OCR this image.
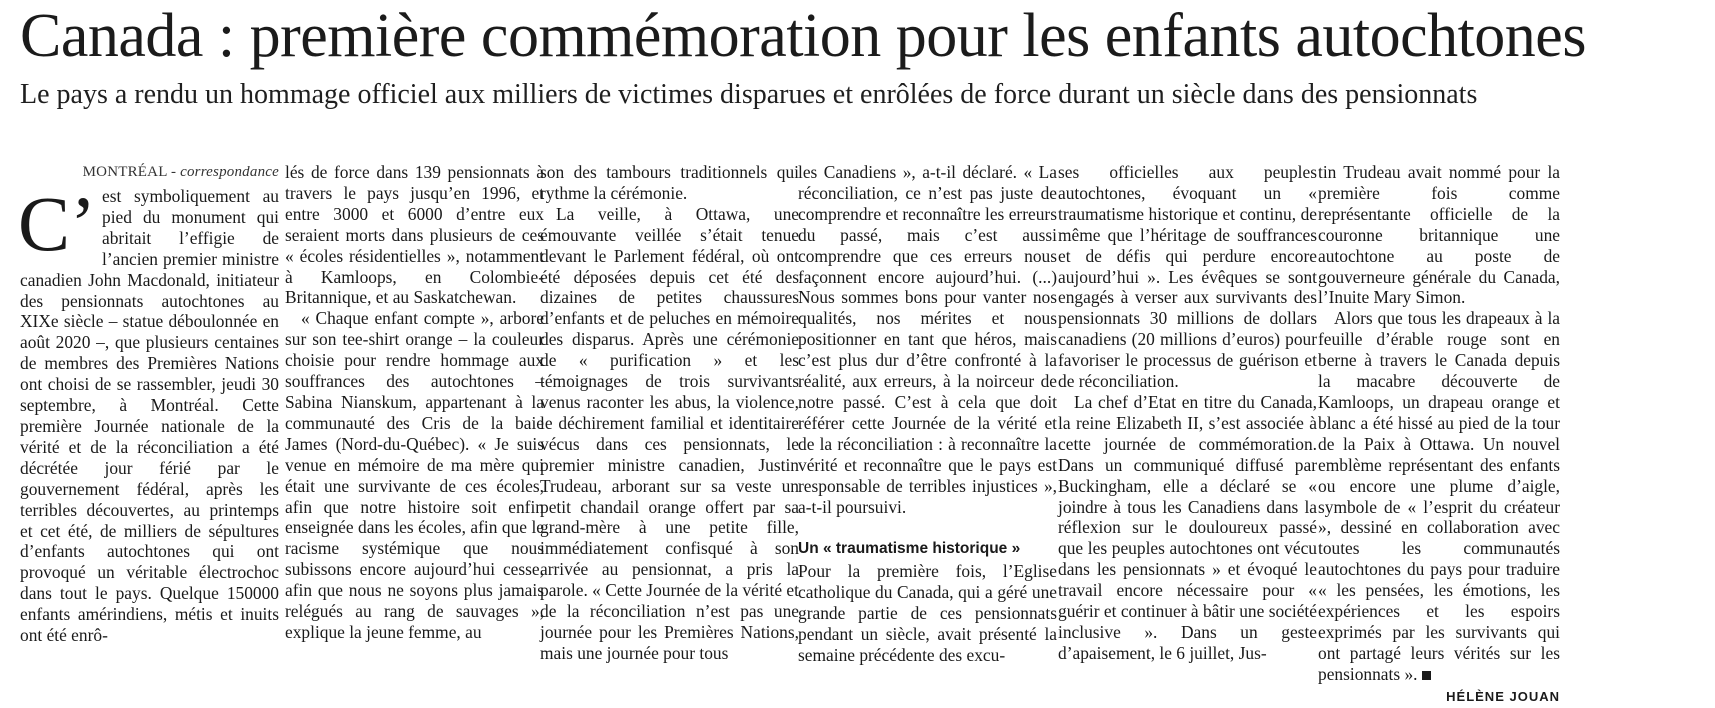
Canada : première commémoration pour les enfants autochtones
Le pays a rendu un hommage officiel aux milliers de victimes disparues et enrôlées de force durant un siècle dans des pensionnats
MONTRÉAL - correspondance

C’ est symboliquement au pied du monument qui abritait l’effigie de l’ancien premier ministre canadien John Macdonald, initiateur des pensionnats autochtones au XIXe siècle – statue déboulonnée en août 2020 –, que plusieurs centaines de membres des Premières Nations ont choisi de se rassembler, jeudi 30 septembre, à Montréal. Cette première Journée nationale de la vérité et de la réconciliation a été décrétée jour férié par le gouvernement fédéral, après les terribles découvertes, au printemps et cet été, de milliers de sépultures d’enfants autochtones qui ont provoqué un véritable électrochoc dans tout le pays. Quelque 150000 enfants amérindiens, métis et inuits ont été enrô-

lés de force dans 139 pensionnats à travers le pays jusqu’en 1996, et entre 3000 et 6000 d’entre eux seraient morts dans plusieurs de ces « écoles résidentielles », notamment à Kamloops, en Colombie-Britannique, et au Saskatchewan.

« Chaque enfant compte », arbore sur son tee-shirt orange – la couleur choisie pour rendre hommage aux souffrances des autochtones – Sabina Nianskum, appartenant à la communauté des Cris de la baie James (Nord-du-Québec). « Je suis venue en mémoire de ma mère qui était une survivante de ces écoles, afin que notre histoire soit enfin enseignée dans les écoles, afin que le racisme systémique que nous subissons encore aujourd’hui cesse, afin que nous ne soyons plus jamais relégués au rang de sauvages », explique la jeune femme, au

son des tambours traditionnels qui rythme la cérémonie.

La veille, à Ottawa, une émouvante veillée s’était tenue devant le Parlement fédéral, où ont été déposées depuis cet été des dizaines de petites chaussures d’enfants et de peluches en mémoire des disparus. Après une cérémonie de « purification » et les témoignages de trois survivants venus raconter les abus, la violence, le déchirement familial et identitaire vécus dans ces pensionnats, le premier ministre canadien, Justin Trudeau, arborant sur sa veste un petit chandail orange offert par sa grand-mère à une petite fille, immédiatement confisqué à son arrivée au pensionnat, a pris la parole. « Cette Journée de la vérité et de la réconciliation n’est pas une journée pour les Premières Nations, mais une journée pour tous

les Canadiens », a-t-il déclaré. « La réconciliation, ce n’est pas juste de comprendre et reconnaître les erreurs du passé, mais c’est aussi comprendre que ces erreurs nous façonnent encore aujourd’hui. (...) Nous sommes bons pour vanter nos qualités, nos mérites et nous positionner en tant que héros, mais c’est plus dur d’être confronté à la réalité, aux erreurs, à la noirceur de notre passé. C’est à cela que doit référer cette Journée de la vérité et de la réconciliation : à reconnaître la vérité et reconnaître que le pays est responsable de terribles injustices », a-t-il poursuivi.

Un « traumatisme historique »

Pour la première fois, l’Eglise catholique du Canada, qui a géré une grande partie de ces pensionnats pendant un siècle, avait présenté la semaine précédente des excu-

ses officielles aux peuples autochtones, évoquant un « traumatisme historique et continu, de même que l’héritage de souffrances et de défis qui perdure encore aujourd’hui ». Les évêques se sont engagés à verser aux survivants des pensionnats 30 millions de dollars canadiens (20 millions d’euros) pour favoriser le processus de guérison et de réconciliation.

La chef d’Etat en titre du Canada, la reine Elizabeth II, s’est associée à cette journée de commémoration. Dans un communiqué diffusé par Buckingham, elle a déclaré se « joindre à tous les Canadiens dans la réflexion sur le douloureux passé que les peuples autochtones ont vécu dans les pensionnats » et évoqué le travail encore nécessaire pour « guérir et continuer à bâtir une société inclusive ». Dans un geste d’apaisement, le 6 juillet, Jus-

tin Trudeau avait nommé pour la première fois comme représentante officielle de la couronne britannique une autochtone au poste de gouverneure générale du Canada, l’Inuite Mary Simon.

Alors que tous les drapeaux à la feuille d’érable rouge sont en berne à travers le Canada depuis la macabre découverte de Kamloops, un drapeau orange et blanc a été hissé au pied de la tour de la Paix à Ottawa. Un nouvel emblème représentant des enfants ou encore une plume d’aigle, symbole de « l’esprit du créateur », dessiné en collaboration avec toutes les communautés autochtones du pays pour traduire « les pensées, les émotions, les expériences et les espoirs exprimés par les survivants qui ont partagé leurs vérités sur les pensionnats ».

HÉLÈNE JOUAN
